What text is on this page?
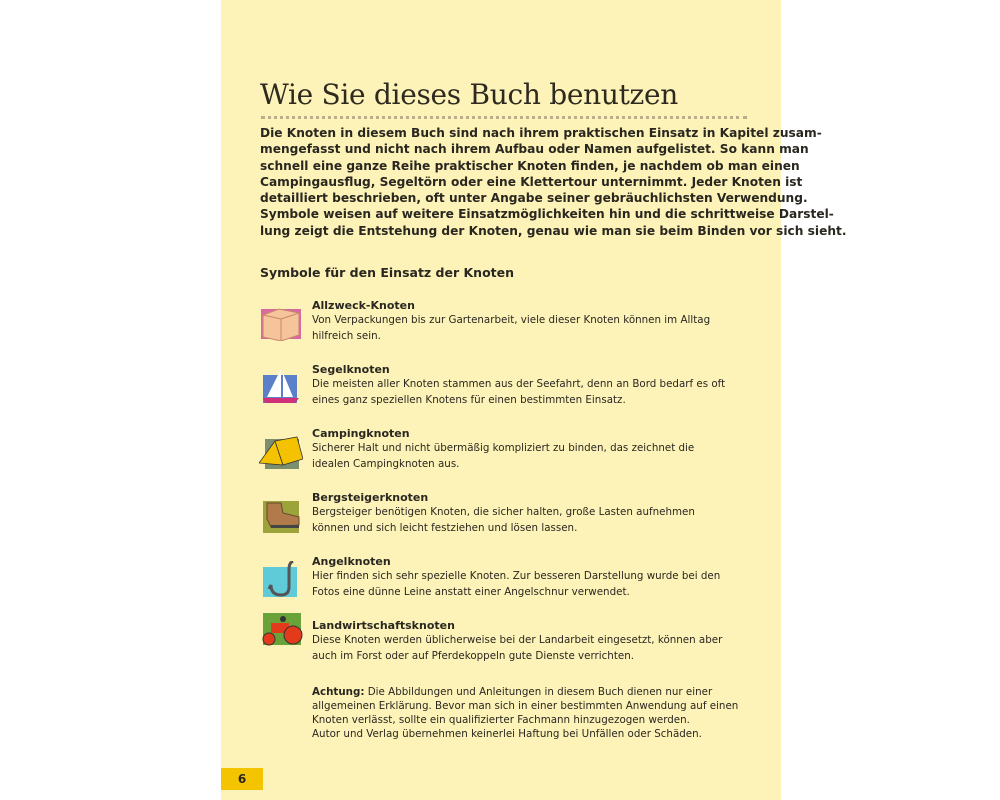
Wie Sie dieses Buch benutzen
Die Knoten in diesem Buch sind nach ihrem praktischen Einsatz in Kapitel zusam-
mengefasst und nicht nach ihrem Aufbau oder Namen aufgelistet. So kann man
schnell eine ganze Reihe praktischer Knoten finden, je nachdem ob man einen
Campingausflug, Segeltörn oder eine Klettertour unternimmt. Jeder Knoten ist
detailliert beschrieben, oft unter Angabe seiner gebräuchlichsten Verwendung.
Symbole weisen auf weitere Einsatzmöglichkeiten hin und die schrittweise Darstel-
lung zeigt die Entstehung der Knoten, genau wie man sie beim Binden vor sich sieht.
Symbole für den Einsatz der Knoten
Allzweck-Knoten
Von Verpackungen bis zur Gartenarbeit, viele dieser Knoten können im Alltag
hilfreich sein.
Segelknoten
Die meisten aller Knoten stammen aus der Seefahrt, denn an Bord bedarf es oft
eines ganz speziellen Knotens für einen bestimmten Einsatz.
Campingknoten
Sicherer Halt und nicht übermäßig kompliziert zu binden, das zeichnet die
idealen Campingknoten aus.
Bergsteigerknoten
Bergsteiger benötigen Knoten, die sicher halten, große Lasten aufnehmen
können und sich leicht festziehen und lösen lassen.
Angelknoten
Hier finden sich sehr spezielle Knoten. Zur besseren Darstellung wurde bei den
Fotos eine dünne Leine anstatt einer Angelschnur verwendet.
Landwirtschaftsknoten
Diese Knoten werden üblicherweise bei der Landarbeit eingesetzt, können aber
auch im Forst oder auf Pferdekoppeln gute Dienste verrichten.
Achtung: Die Abbildungen und Anleitungen in diesem Buch dienen nur einer
allgemeinen Erklärung. Bevor man sich in einer bestimmten Anwendung auf einen
Knoten verlässt, sollte ein qualifizierter Fachmann hinzugezogen werden.
Autor und Verlag übernehmen keinerlei Haftung bei Unfällen oder Schäden.
6
